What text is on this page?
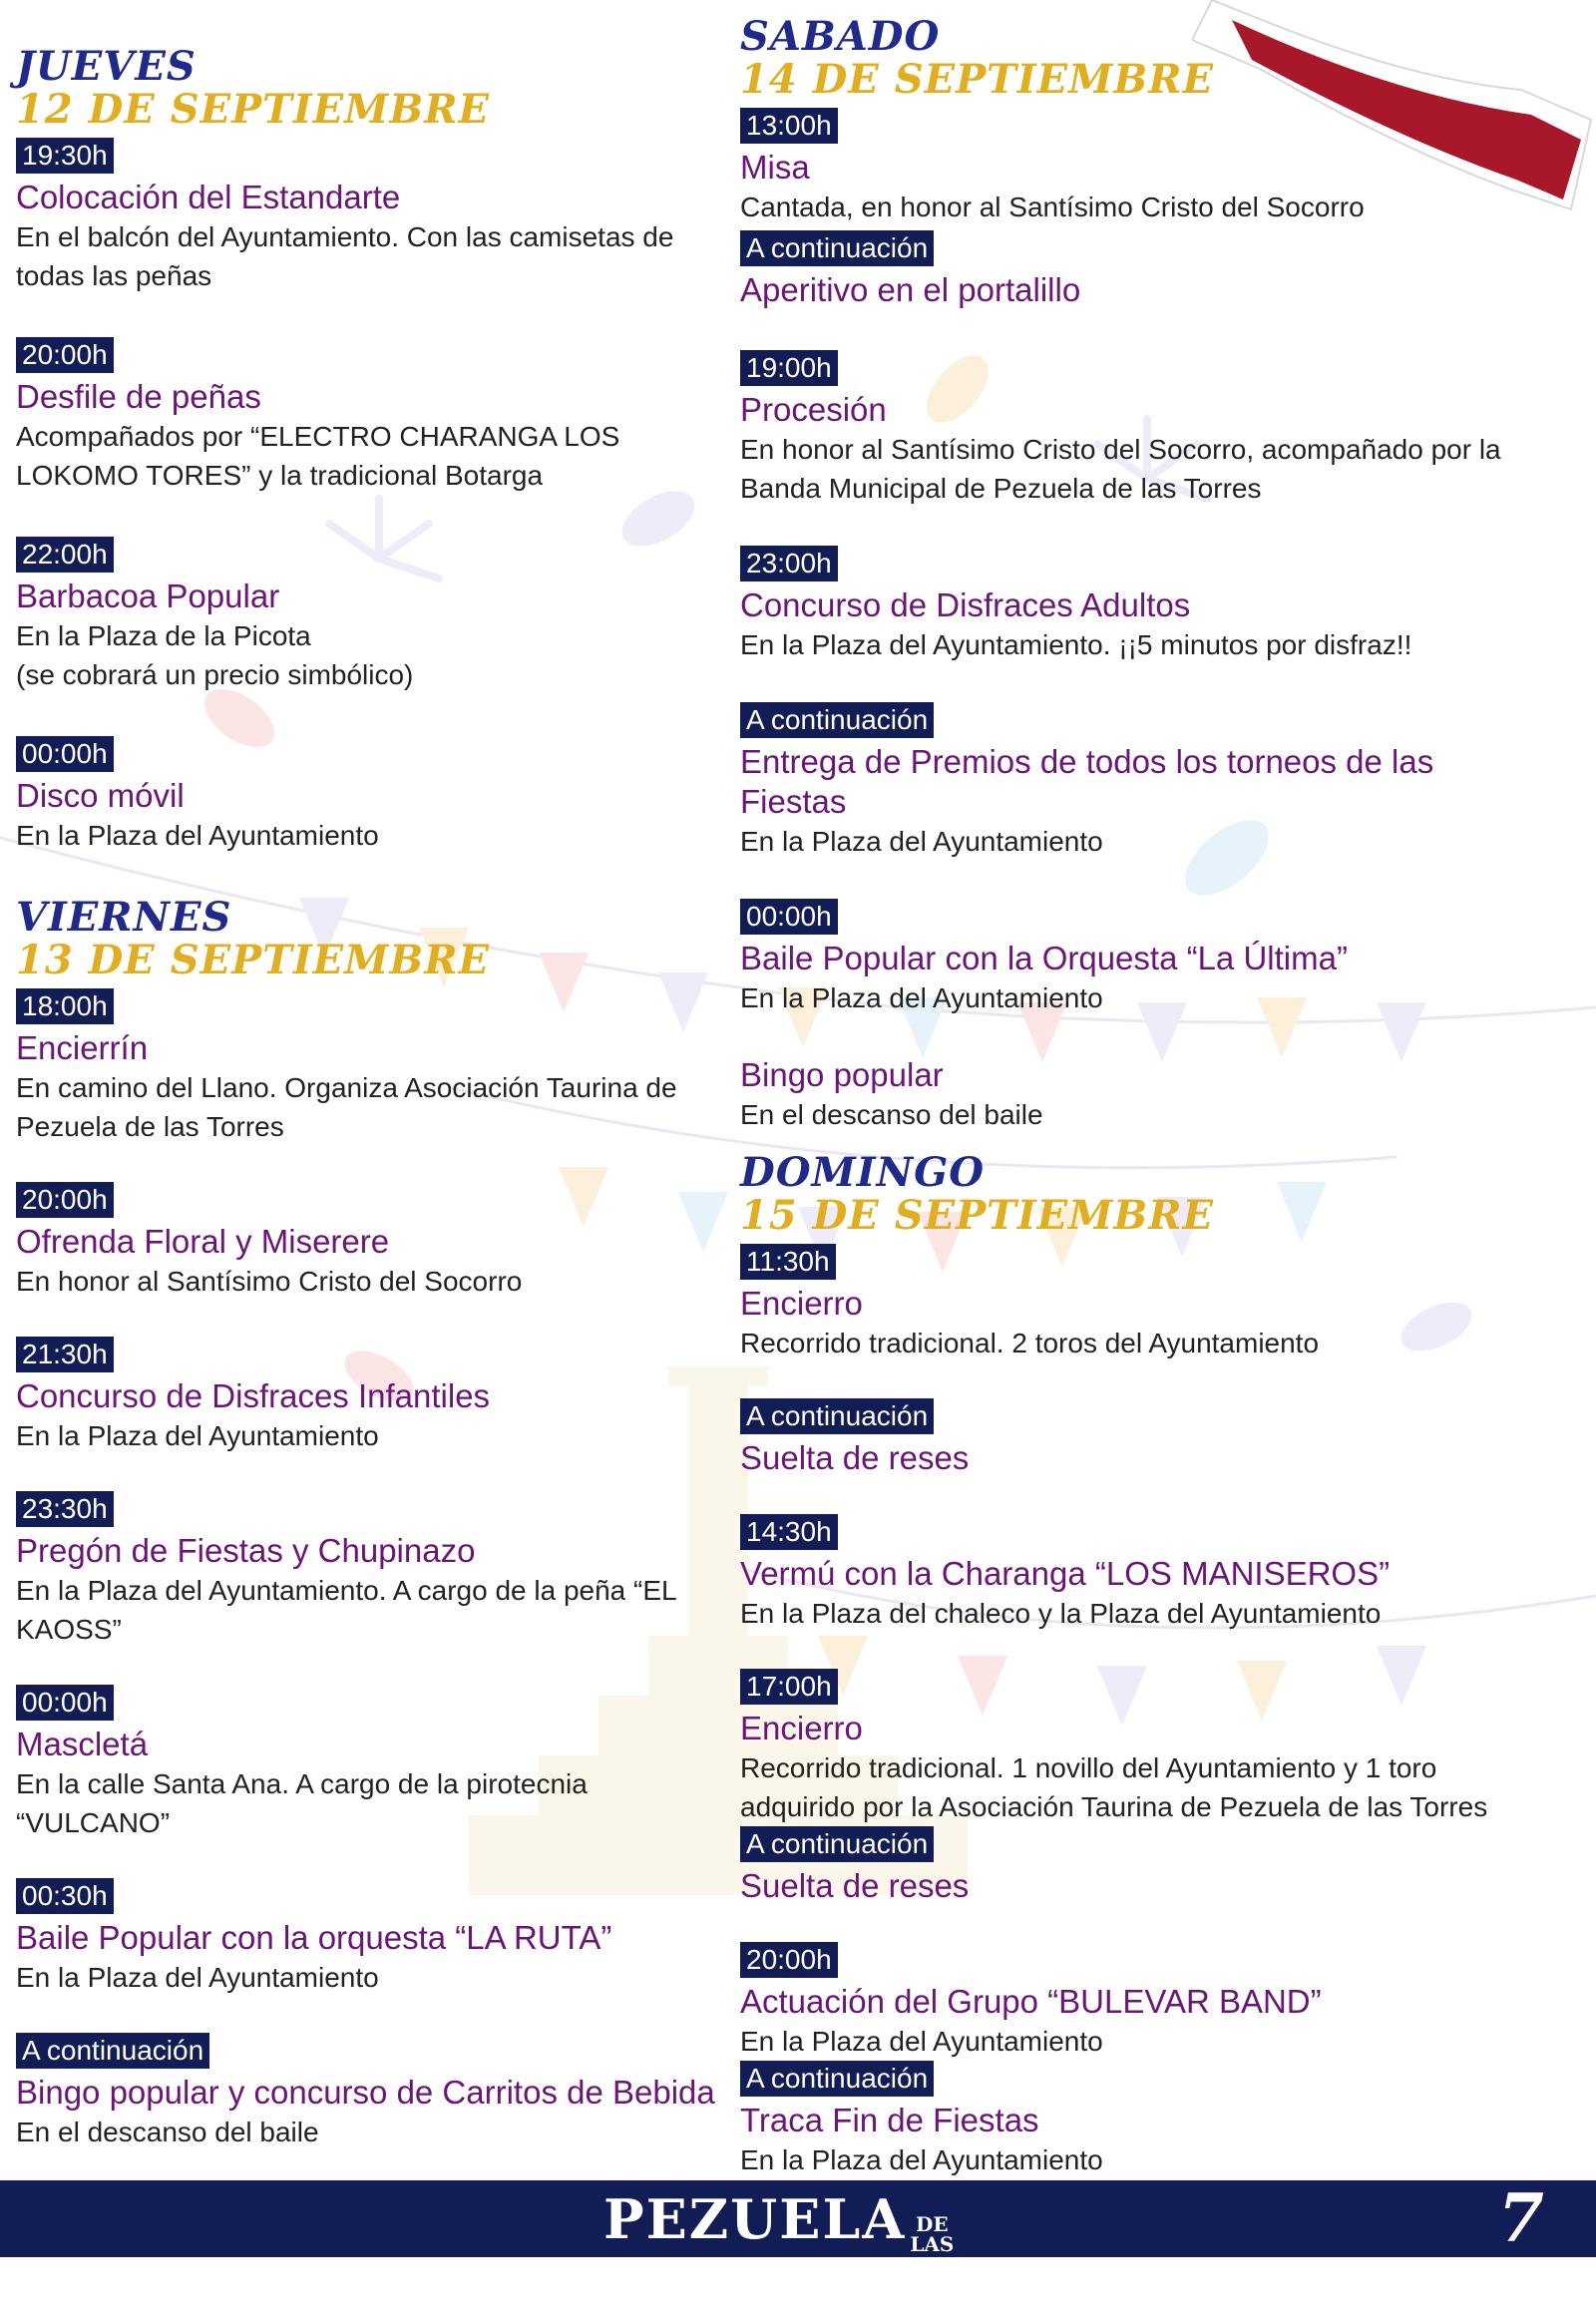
JUEVES
12 DE SEPTIEMBRE
19:30h
Colocación del Estandarte
En el balcón del Ayuntamiento. Con las camisetas de todas las peñas
20:00h
Desfile de peñas
Acompañados por “ELECTRO CHARANGA LOS LOKOMO TORES” y la tradicional Botarga
22:00h
Barbacoa Popular
En la Plaza de la Picota
(se cobrará un precio simbólico)
00:00h
Disco móvil
En la Plaza del Ayuntamiento
VIERNES
13 DE SEPTIEMBRE
18:00h
Encierrín
En camino del Llano. Organiza Asociación Taurina de Pezuela de las Torres
20:00h
Ofrenda Floral y Miserere
En honor al Santísimo Cristo del Socorro
21:30h
Concurso de Disfraces Infantiles
En la Plaza del Ayuntamiento
23:30h
Pregón de Fiestas y Chupinazo
En la Plaza del Ayuntamiento. A cargo de la peña “EL KAOSS”
00:00h
Mascletá
En la calle Santa Ana. A cargo de la pirotecnia “VULCANO”
00:30h
Baile Popular con la orquesta “LA RUTA”
En la Plaza del Ayuntamiento
A continuación
Bingo popular y concurso de Carritos de Bebida
En el descanso del baile
SABADO
14 DE SEPTIEMBRE
13:00h
Misa
Cantada, en honor al Santísimo Cristo del Socorro
A continuación
Aperitivo en el portalillo
19:00h
Procesión
En honor al Santísimo Cristo del Socorro, acompañado por la Banda Municipal de Pezuela de las Torres
23:00h
Concurso de Disfraces Adultos
En la Plaza del Ayuntamiento. ¡¡5 minutos por disfraz!!
A continuación
Entrega de Premios de todos los torneos de las Fiestas
En la Plaza del Ayuntamiento
00:00h
Baile Popular con la Orquesta “La Última”
En la Plaza del Ayuntamiento
Bingo popular
En el descanso del baile
DOMINGO
15 DE SEPTIEMBRE
11:30h
Encierro
Recorrido tradicional. 2 toros del Ayuntamiento
A continuación
Suelta de reses
14:30h
Vermú con la Charanga “LOS MANISEROS”
En la Plaza del chaleco y la Plaza del Ayuntamiento
17:00h
Encierro
Recorrido tradicional. 1 novillo del Ayuntamiento y 1 toro adquirido por la Asociación Taurina de Pezuela de las Torres
A continuación
Suelta de reses
20:00h
Actuación del Grupo “BULEVAR BAND”
En la Plaza del Ayuntamiento
A continuación
Traca Fin de Fiestas
En la Plaza del Ayuntamiento
PEZUELA DE
LASTORRES
7
